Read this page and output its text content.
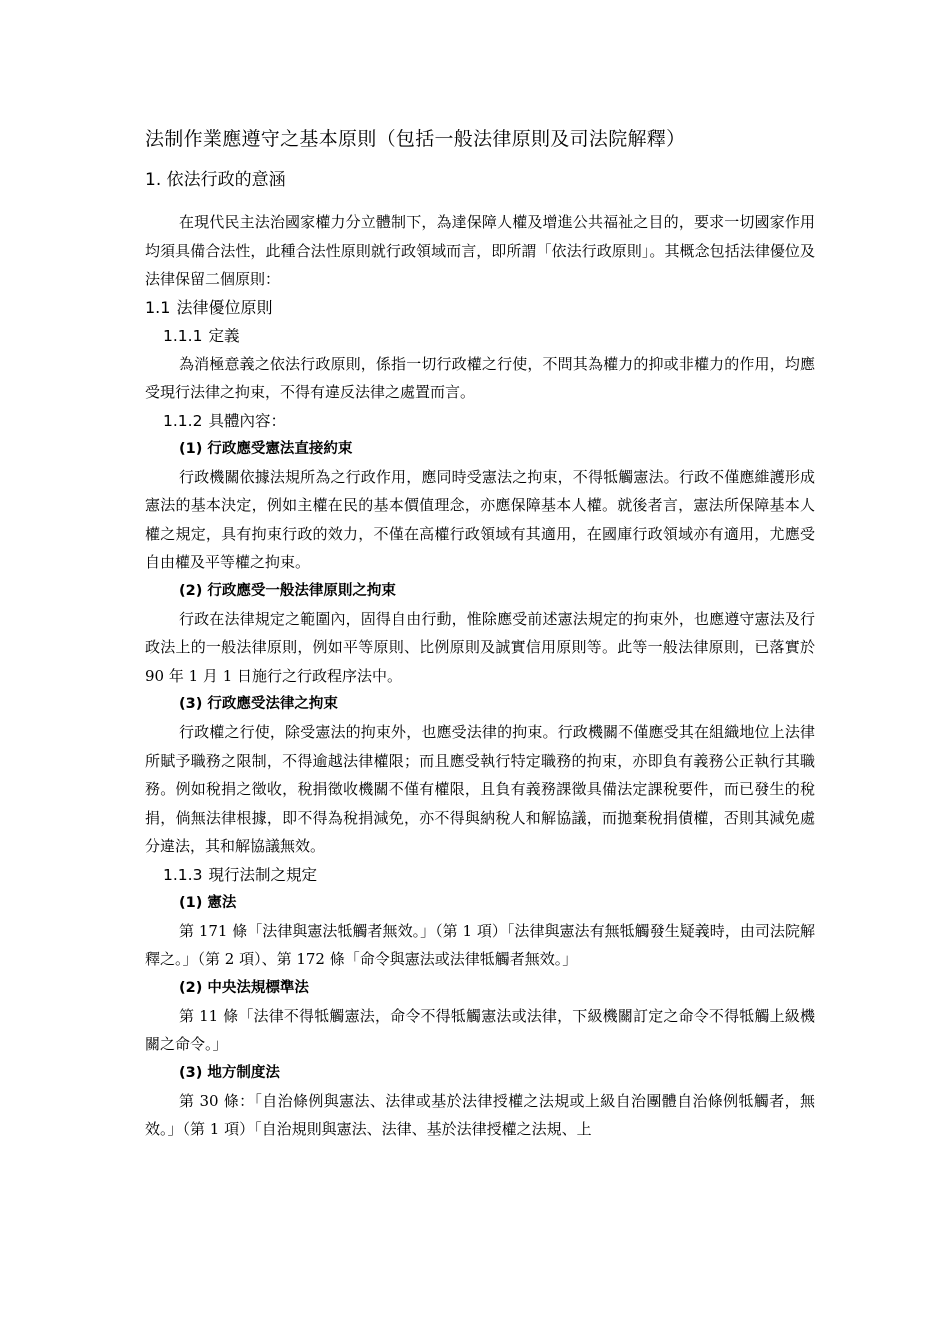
法制作業應遵守之基本原則（包括一般法律原則及司法院解釋）
1. 依法行政的意涵

在現代民主法治國家權力分立體制下，為達保障人權及增進公共福祉之目的，要求一切國家作用均須具備合法性，此種合法性原則就行政領域而言，即所謂「依法行政原則」。其概念包括法律優位及法律保留二個原則：

1.1 法律優位原則
1.1.1 定義

為消極意義之依法行政原則，係指一切行政權之行使，不問其為權力的抑或非權力的作用，均應受現行法律之拘束，不得有違反法律之處置而言。

1.1.2 具體內容：
(1) 行政應受憲法直接約束

行政機關依據法規所為之行政作用，應同時受憲法之拘束，不得牴觸憲法。行政不僅應維護形成憲法的基本決定，例如主權在民的基本價值理念，亦應保障基本人權。就後者言，憲法所保障基本人權之規定，具有拘束行政的效力，不僅在高權行政領域有其適用，在國庫行政領域亦有適用，尤應受自由權及平等權之拘束。

(2) 行政應受一般法律原則之拘束

行政在法律規定之範圍內，固得自由行動，惟除應受前述憲法規定的拘束外，也應遵守憲法及行政法上的一般法律原則，例如平等原則、比例原則及誠實信用原則等。此等一般法律原則，已落實於 90 年 1 月 1 日施行之行政程序法中。

(3) 行政應受法律之拘束

行政權之行使，除受憲法的拘束外，也應受法律的拘束。行政機關不僅應受其在組織地位上法律所賦予職務之限制，不得逾越法律權限；而且應受執行特定職務的拘束，亦即負有義務公正執行其職務。例如稅捐之徵收，稅捐徵收機關不僅有權限，且負有義務課徵具備法定課稅要件，而已發生的稅捐，倘無法律根據，即不得為稅捐減免，亦不得與納稅人和解協議，而拋棄稅捐債權，否則其減免處分違法，其和解協議無效。

1.1.3 現行法制之規定
(1) 憲法

第 171 條「法律與憲法牴觸者無效。」（第 1 項）「法律與憲法有無牴觸發生疑義時，由司法院解釋之。」（第 2 項）、第 172 條「命令與憲法或法律牴觸者無效。」

(2) 中央法規標準法

第 11 條「法律不得牴觸憲法，命令不得牴觸憲法或法律，下級機關訂定之命令不得牴觸上級機關之命令。」

(3) 地方制度法

第 30 條：「自治條例與憲法、法律或基於法律授權之法規或上級自治團體自治條例牴觸者，無效。」（第 1 項）「自治規則與憲法、法律、基於法律授權之法規、上
